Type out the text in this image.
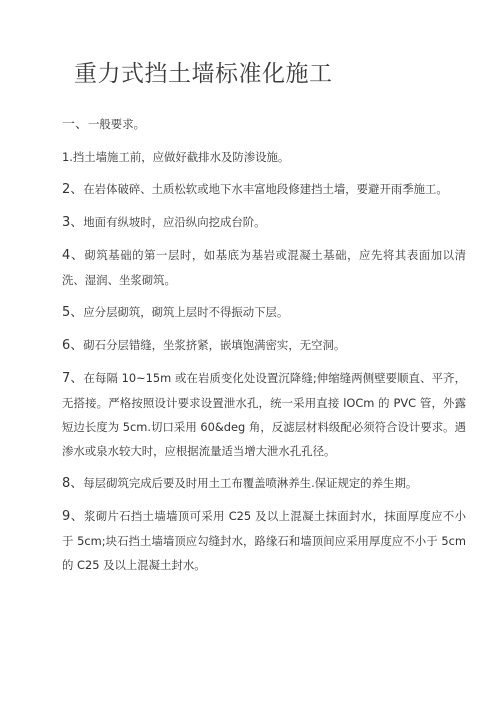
重力式挡土墙标准化施工

一、一般要求。

1.挡土墙施工前，应做好截排水及防渗设施。

2、在岩体破碎、土质松软或地下水丰富地段修建挡土墙，要避开雨季施工。

3、地面有纵坡时，应沿纵向挖成台阶。

4、砌筑基础的第一层时，如基底为基岩或混凝土基础，应先将其表面加以清洗、湿润、坐浆砌筑。

5、应分层砌筑，砌筑上层时不得振动下层。

6、砌石分层错缝，坐浆挤紧，嵌填饱满密实，无空洞。

7、在每隔 10~15m 或在岩质变化处设置沉降缝;伸缩缝两侧壁要顺直、平齐，无搭接。严格按照设计要求设置泄水孔，统一采用直接 lOCm 的 PVC 管，外露短边长度为 5cm.切口采用 60&deg 角，反滤层材料级配必须符合设计要求。遇渗水或泉水较大时，应根据流量适当增大泄水孔孔径。

8、每层砌筑完成后要及时用土工布覆盖喷淋养生.保证规定的养生期。

9、浆砌片石挡土墙墙顶可采用 C25 及以上混凝土抹面封水，抹面厚度应不小于 5cm;块石挡土墙墙顶应勾缝封水，路缘石和墙顶间应采用厚度应不小于 5cm 的 C25 及以上混凝土封水。
